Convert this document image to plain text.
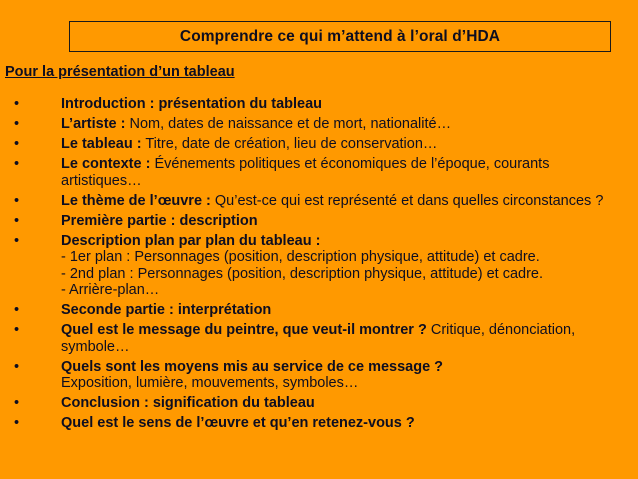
Comprendre ce qui m’attend à l’oral d’HDA
Pour la présentation d’un tableau
•	Introduction : présentation du tableau
•	L’artiste : Nom, dates de naissance et de mort, nationalité…
•	Le tableau : Titre, date de création, lieu de conservation…
•	Le contexte : Événements politiques et économiques de l’époque, courants artistiques…
•	Le thème de l’œuvre : Qu’est-ce qui est représenté et dans quelles circonstances ?
•	Première partie : description
•	Description plan par plan du tableau :
- 1er plan : Personnages (position, description physique, attitude) et cadre.
- 2nd plan : Personnages (position, description physique, attitude) et cadre.
- Arrière-plan…
•	Seconde partie : interprétation
•	Quel est le message du peintre, que veut-il montrer ? Critique, dénonciation, symbole…
•	Quels sont les moyens mis au service de ce message ?
Exposition, lumière, mouvements, symboles…
•	Conclusion : signification du tableau
•	Quel est le sens de l’œuvre et qu’en retenez-vous ?
